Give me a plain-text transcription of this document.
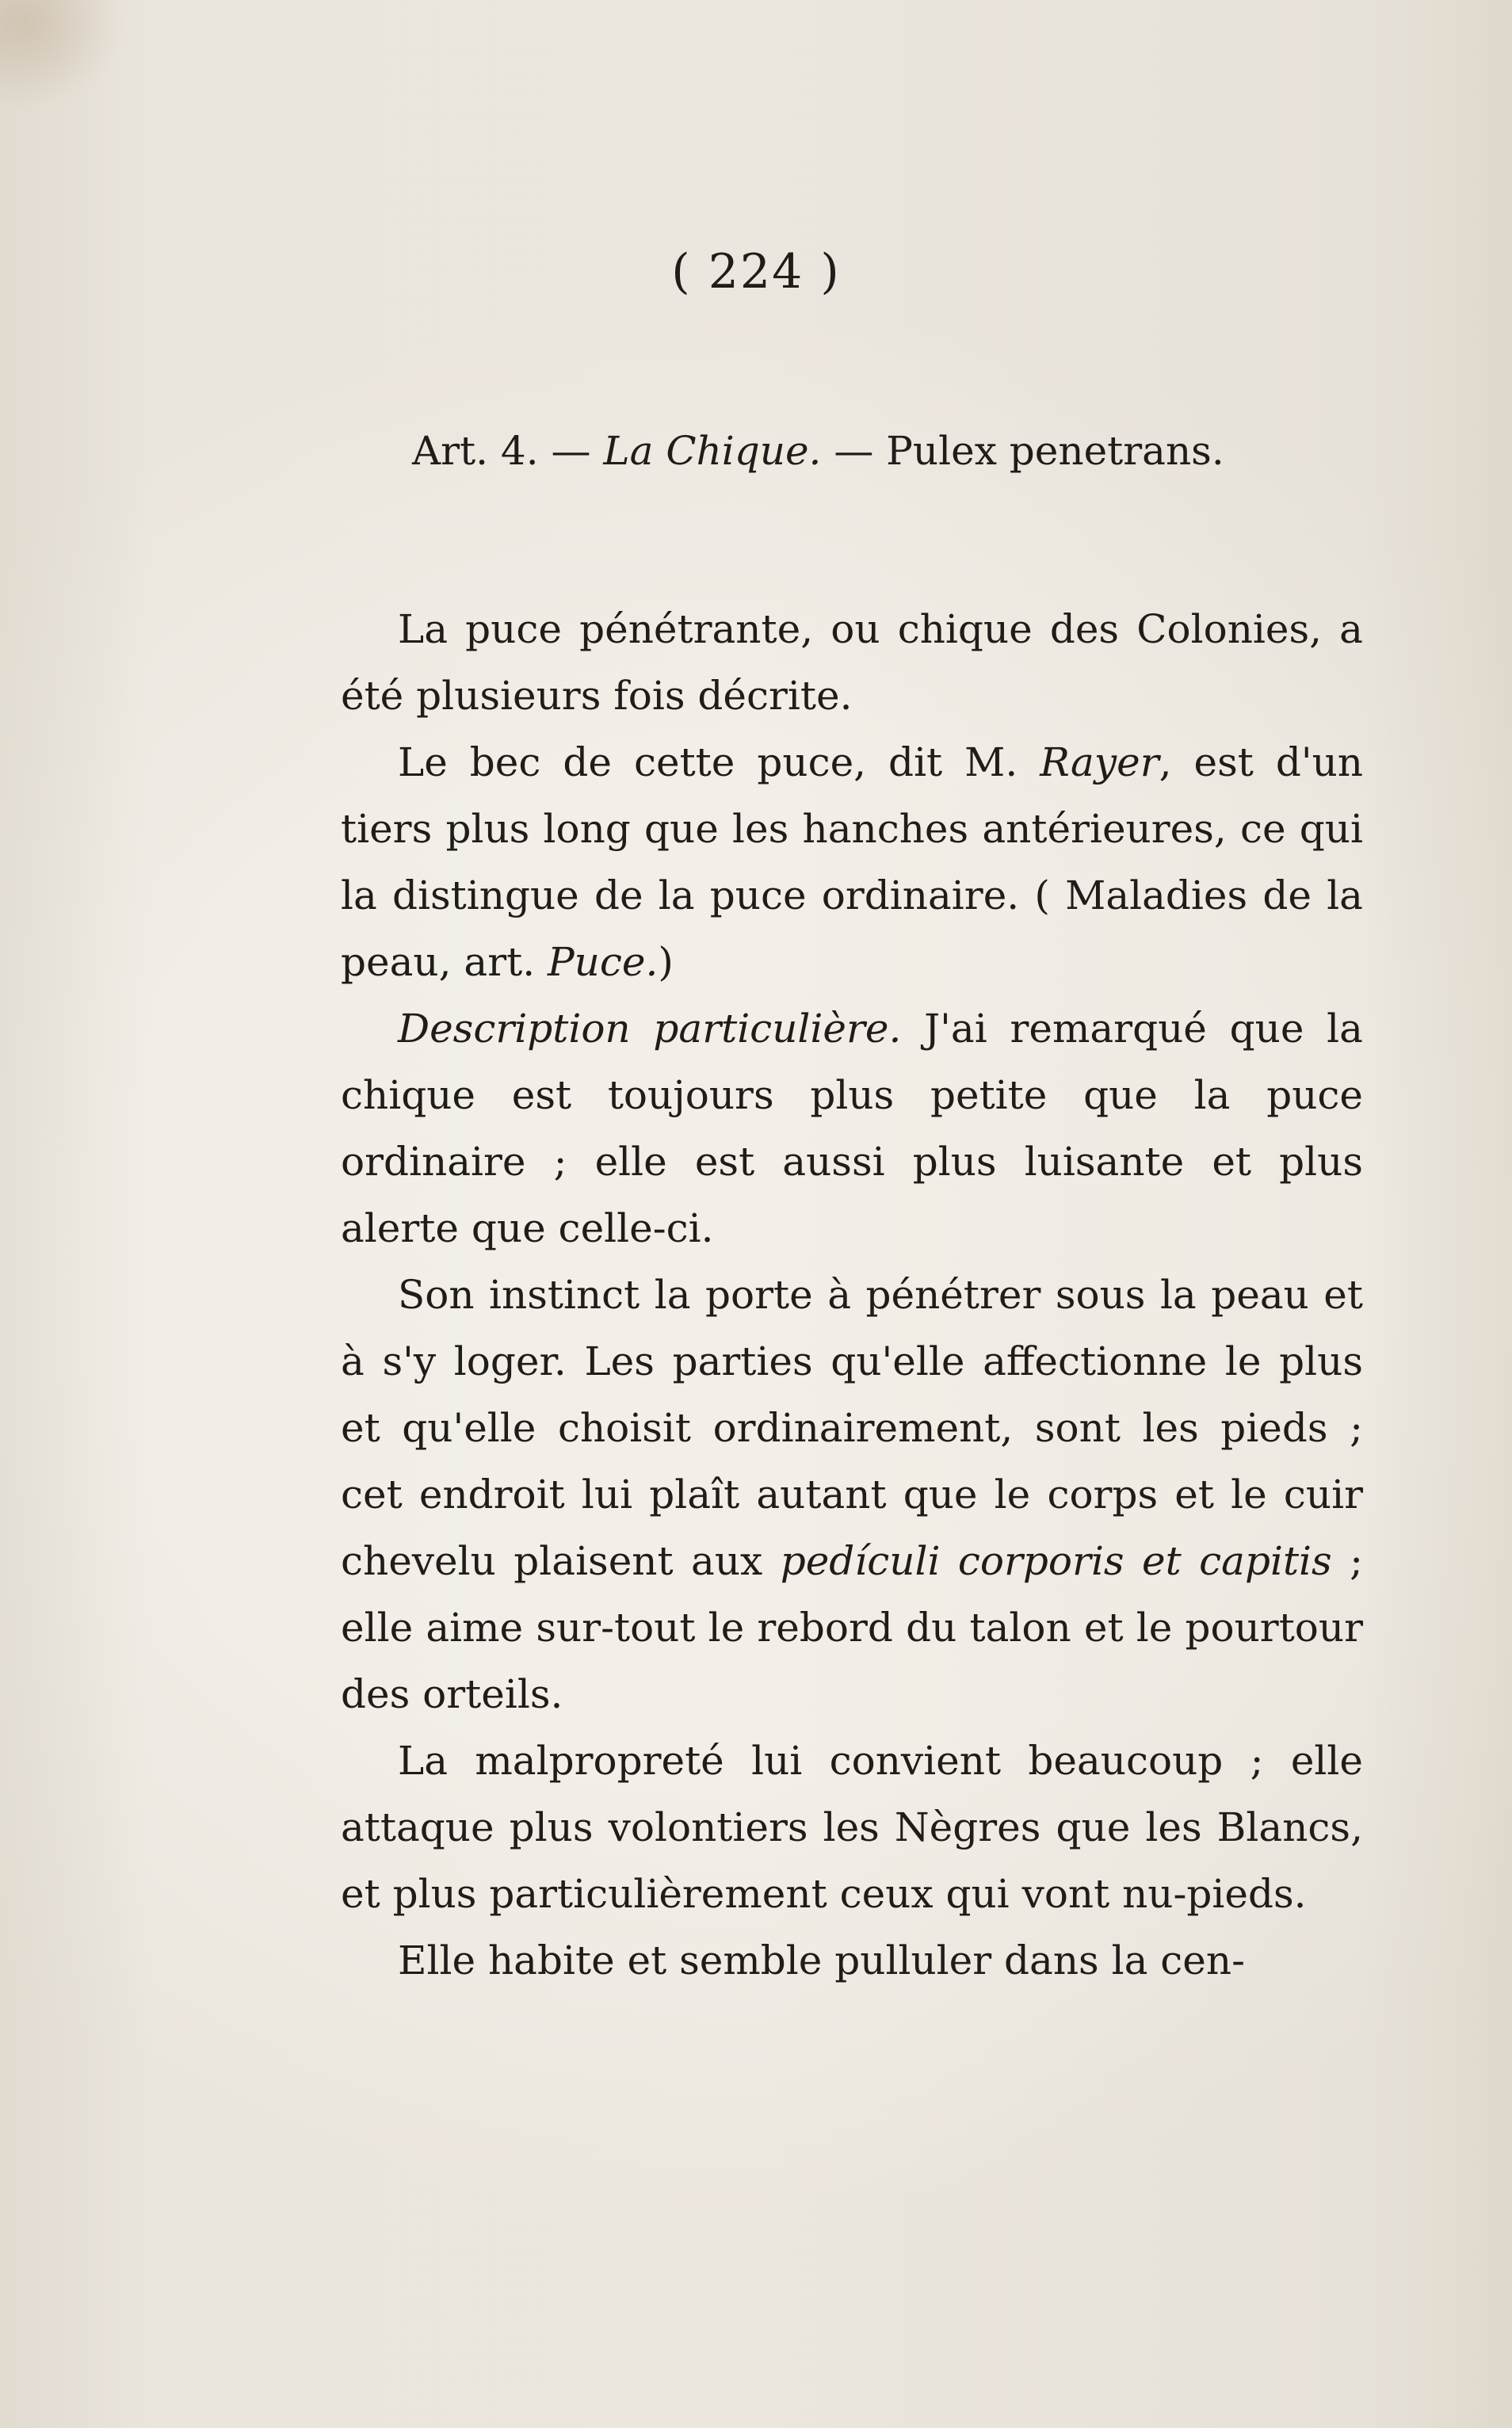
( 224 )
Art. 4. — La Chique. — Pulex penetrans.

La puce pénétrante, ou chique des Colonies, a été plusieurs fois décrite.

Le bec de cette puce, dit M. Rayer, est d'un tiers plus long que les hanches antérieures, ce qui la distingue de la puce ordinaire. ( Maladies de la peau, art. Puce.)

Description particulière. J'ai remarqué que la chique est toujours plus petite que la puce ordinaire ; elle est aussi plus luisante et plus alerte que celle-ci.

Son instinct la porte à pénétrer sous la peau et à s'y loger. Les parties qu'elle affectionne le plus et qu'elle choisit ordinairement, sont les pieds ; cet endroit lui plaît autant que le corps et le cuir chevelu plaisent aux pedículi corporis et capitis ; elle aime sur-tout le rebord du talon et le pourtour des orteils.

La malpropreté lui convient beaucoup ; elle attaque plus volontiers les Nègres que les Blancs, et plus particulièrement ceux qui vont nu-pieds.

Elle habite et semble pulluler dans la cen-
